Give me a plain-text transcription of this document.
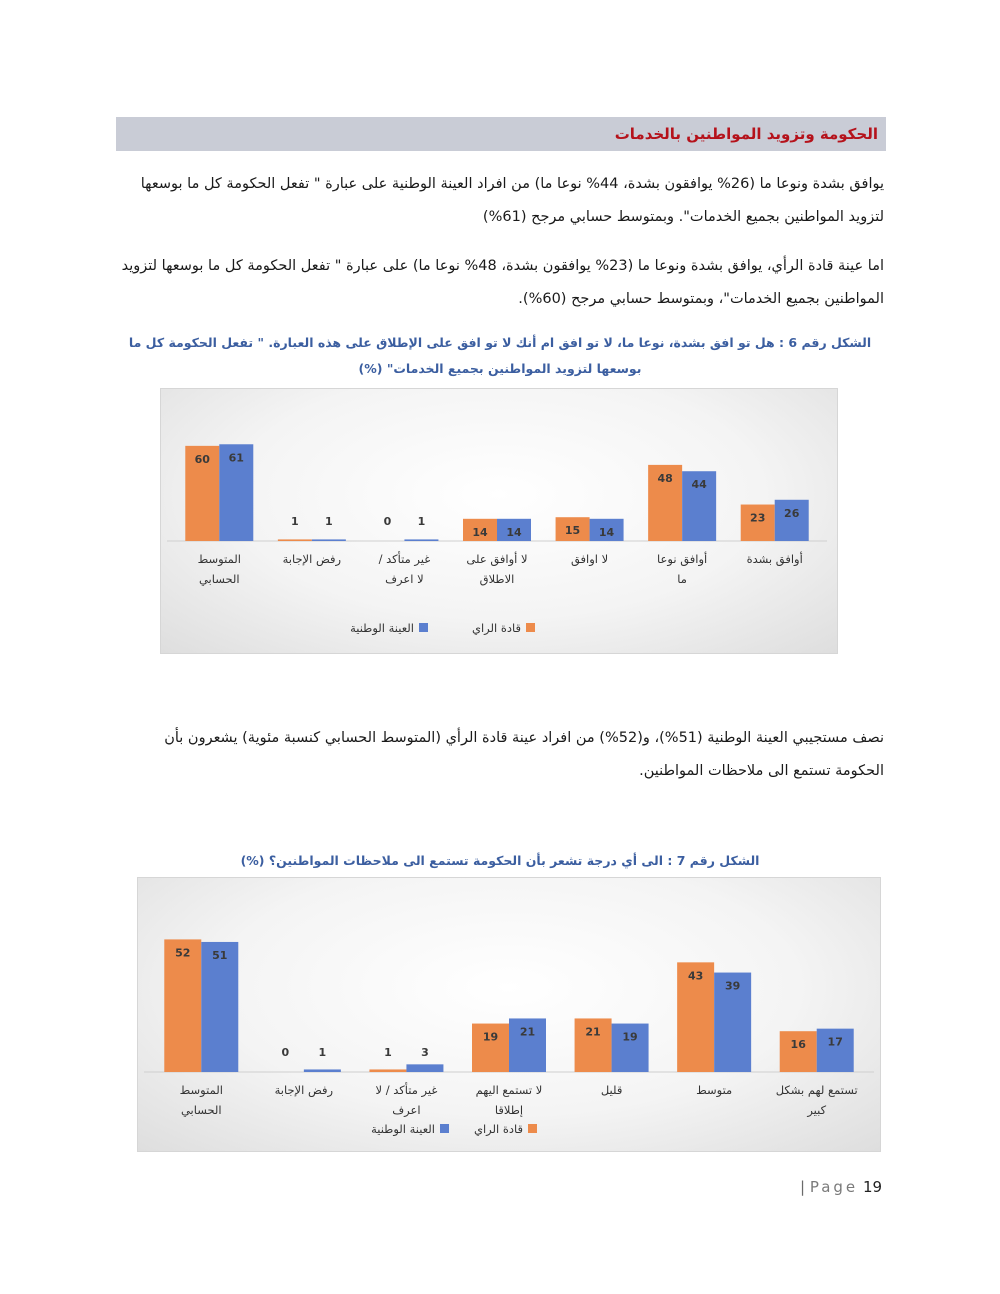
الحكومة وتزويد المواطنين بالخدمات

يوافق بشدة ونوعا ما (26% يوافقون بشدة، 44% نوعا ما) من افراد العينة الوطنية على عبارة " تفعل الحكومة كل ما بوسعها لتزويد المواطنين بجميع الخدمات". وبمتوسط حسابي مرجح (61%)

اما عينة قادة الرأي، يوافق بشدة ونوعا ما (23% يوافقون بشدة، 48% نوعا ما) على عبارة " تفعل الحكومة كل ما بوسعها لتزويد المواطنين بجميع الخدمات"، وبمتوسط حسابي مرجح (60%).

الشكل رقم 6 : هل تو افق بشدة، نوعا ما، لا تو افق ام أنك لا تو افق على الإطلاق على هذه العبارة. " تفعل الحكومة كل ما بوسعها لتزويد المواطنين بجميع الخدمات" (%)

23 26
أوافق بشدة
48 44
أوافق نوعا
ما
15 14
لا اوافق
14 14
لا أوافق على
الاطلاق
0 1
غير متأكد /
لا اعرف
1 1
رفض الإجابة
60 61
المتوسط
الحسابي
قادة الراي
العينة الوطنية

نصف مستجيبي العينة الوطنية (51%)، و(52%) من افراد عينة قادة الرأي (المتوسط الحسابي كنسبة مئوية) يشعرون بأن الحكومة تستمع الى ملاحظات المواطنين.

الشكل رقم 7 : الى أي درجة تشعر بأن الحكومة تستمع الى ملاحظات المواطنين؟ (%)

16 17
تستمع لهم بشكل
كبير
43
39
متوسط
21 19
قليل
19 21
لا تستمع اليهم
إطلاقا
1	3
غير متأكد / لا
اعرف
0	1
رفض الإجابة
52 51
المتوسط
الحسابي
قادة الراي
العينة الوطنية
| Page 19
